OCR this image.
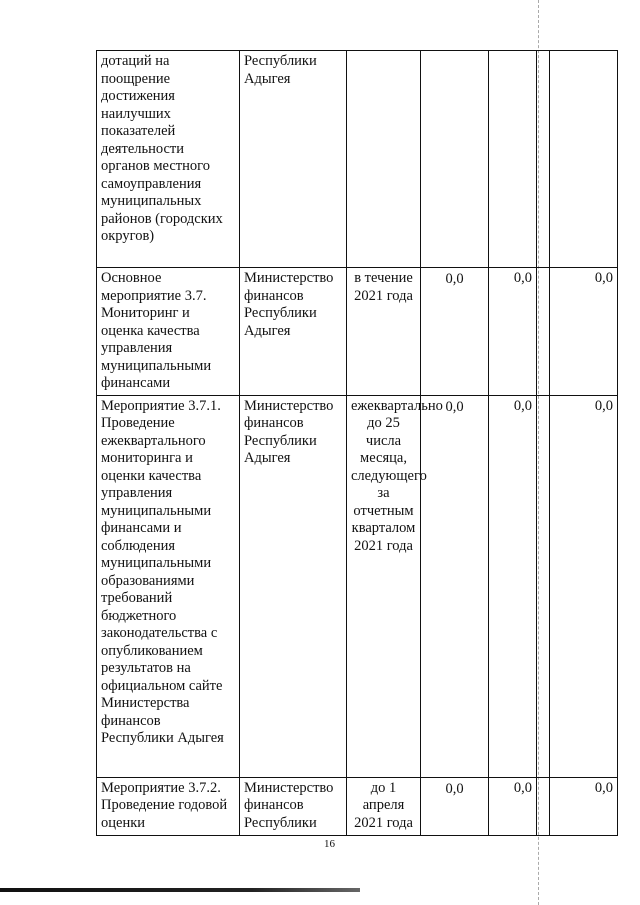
дотаций на поощрение достижения наилучших показателей деятельности органов местного самоуправления муниципальных районов (городских округов)	Республики Адыгея					
Основное мероприятие 3.7. Мониторинг и оценка качества управления муниципальными финансами	Министерство финансов Республики Адыгея	в течение 2021 года	0,0	0,0		0,0
Мероприятие 3.7.1. Проведение ежеквартального мониторинга и оценки качества управления муниципальными финансами и соблюдения муниципальными образованиями требований бюджетного законодательства с опубликованием результатов на официальном сайте Министерства финансов Республики Адыгея	Министерство финансов Республики Адыгея	ежеквартально до 25 числа месяца, следующего за отчетным кварталом 2021 года	0,0	0,0		0,0
Мероприятие 3.7.2. Проведение годовой оценки	Министерство финансов Республики	до 1 апреля 2021 года	0,0	0,0		0,0
16
